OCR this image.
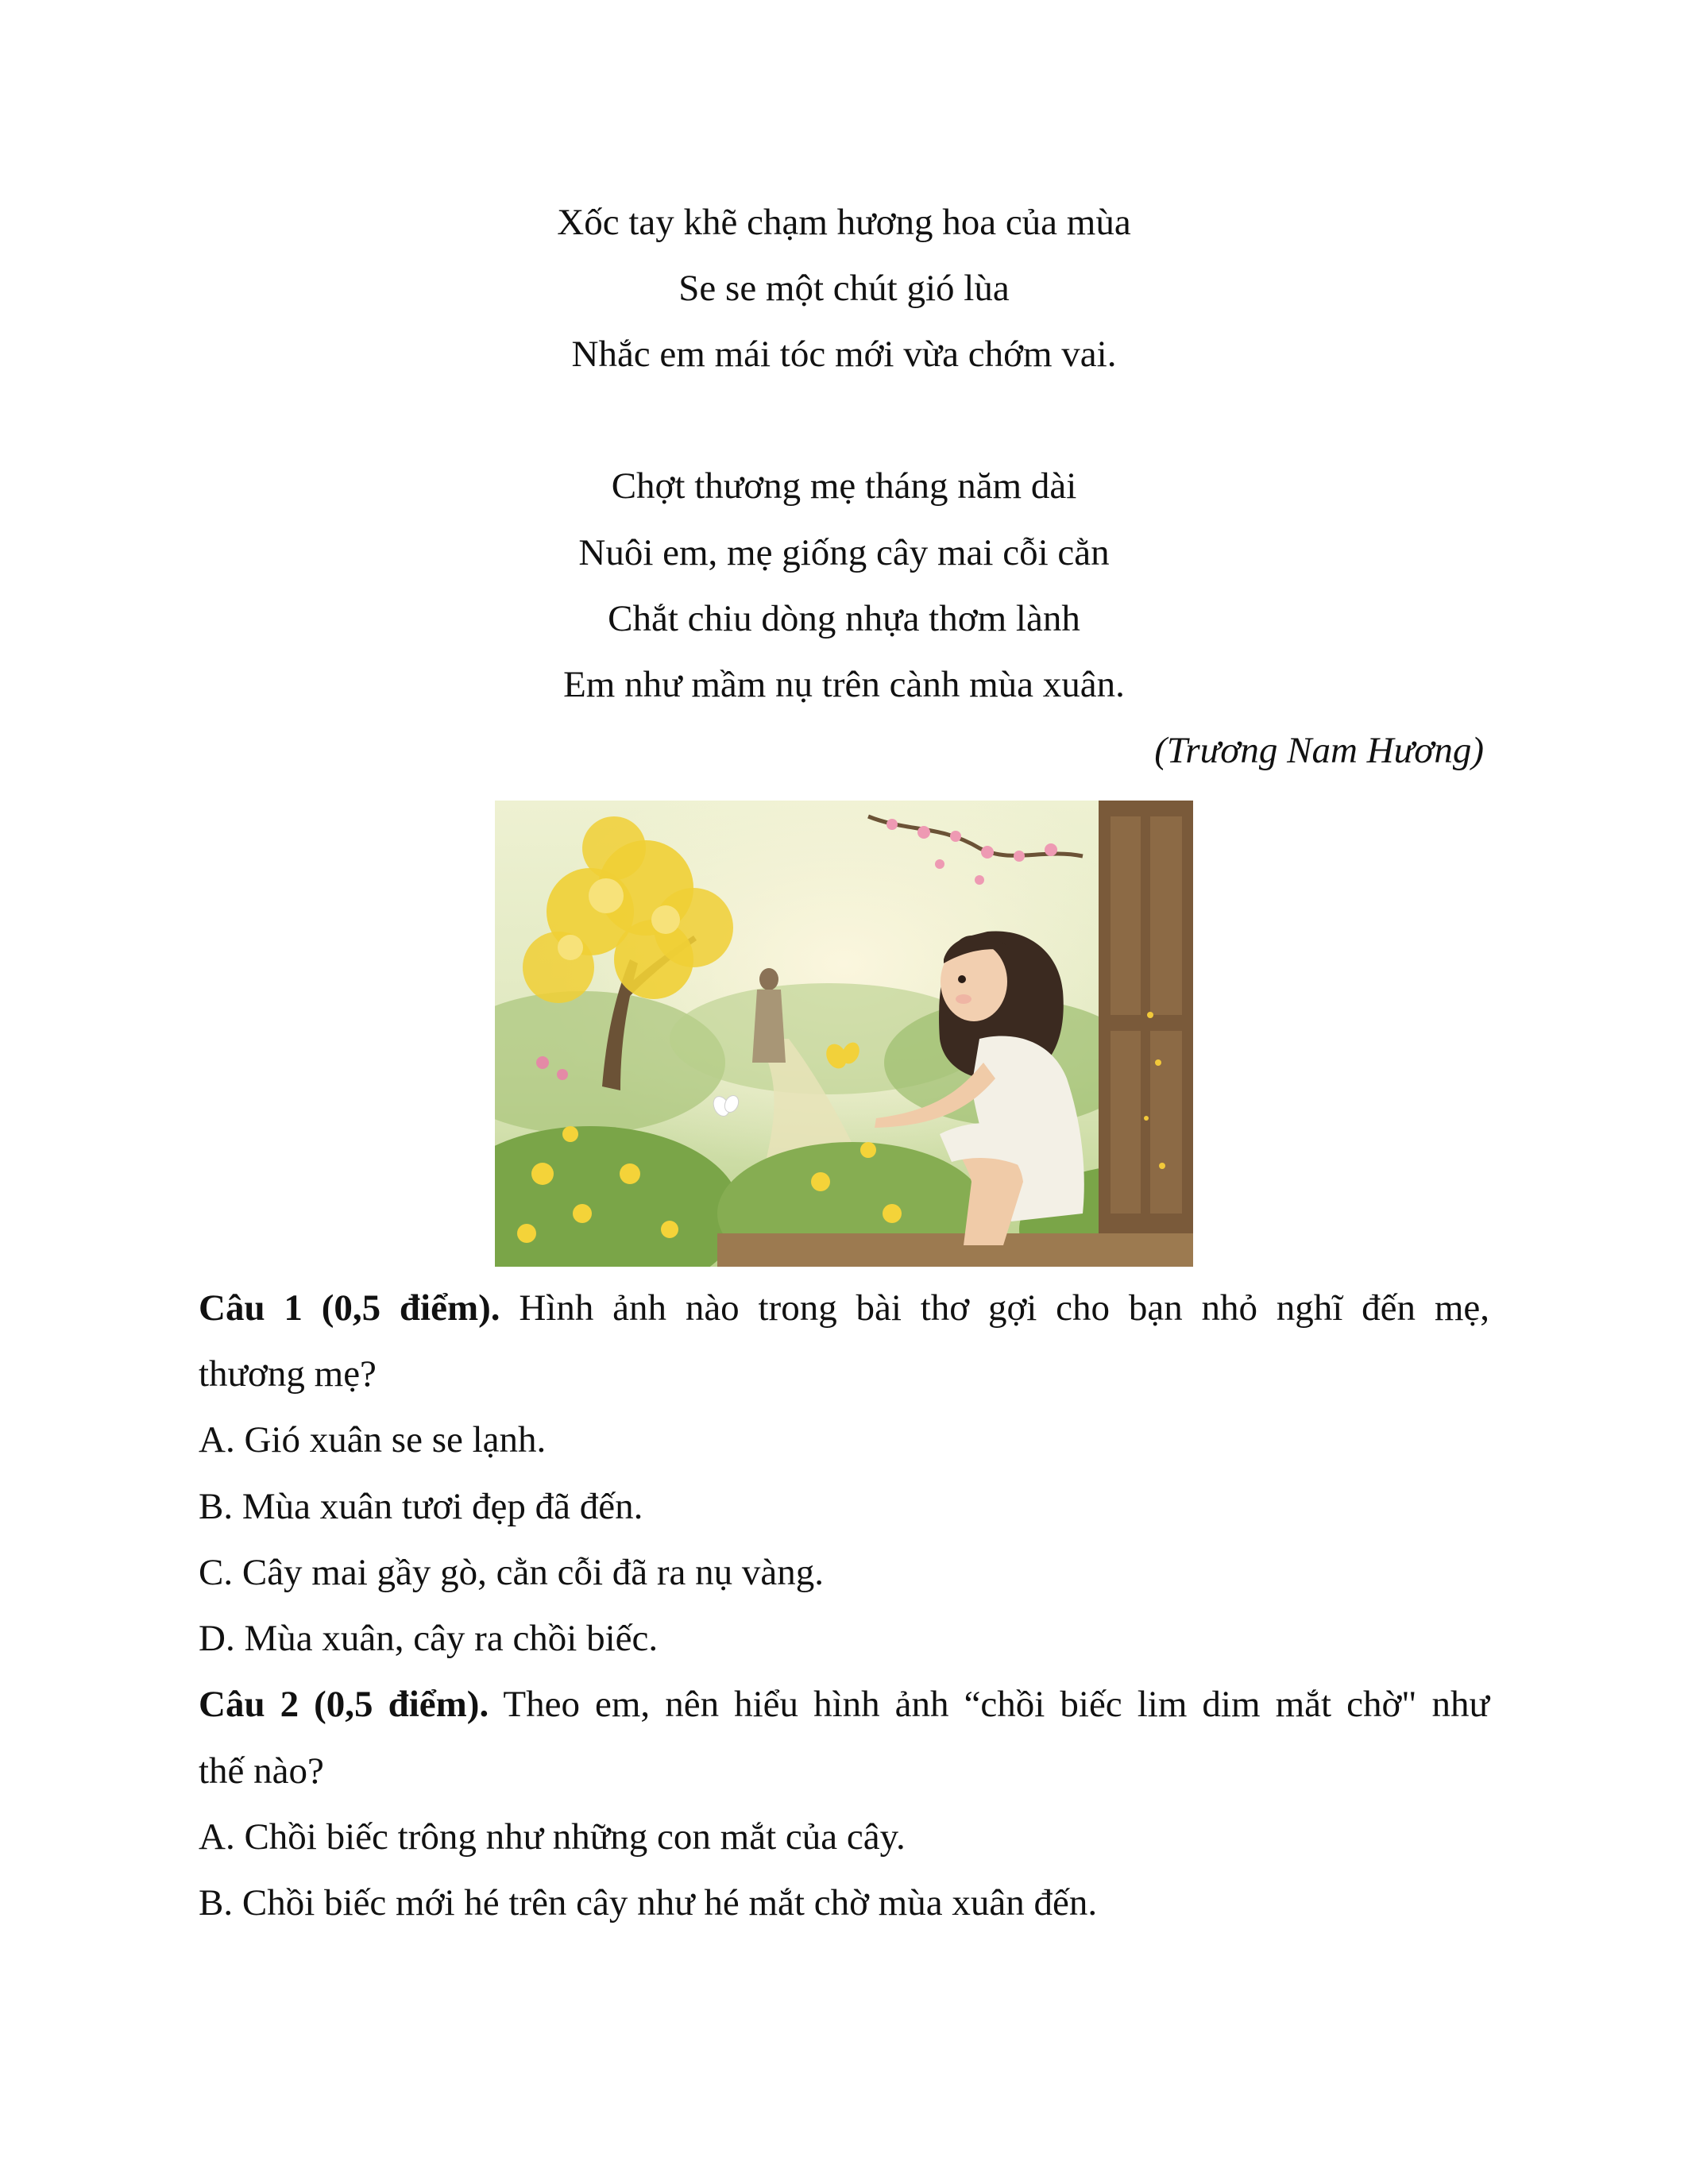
Xốc tay khẽ chạm hương hoa của mùa
Se se một chút gió lùa
Nhắc em mái tóc mới vừa chớm vai.
Chợt thương mẹ tháng năm dài
Nuôi em, mẹ giống cây mai cỗi cằn
Chắt chiu dòng nhựa thơm lành
Em như mầm nụ trên cành mùa xuân.
(Trương Nam Hương)
Câu 1 (0,5 điểm). Hình ảnh nào trong bài thơ gợi cho bạn nhỏ nghĩ đến mẹ,
thương mẹ?
A. Gió xuân se se lạnh.
B. Mùa xuân tươi đẹp đã đến.
C. Cây mai gầy gò, cằn cỗi đã ra nụ vàng.
D. Mùa xuân, cây ra chồi biếc.
Câu 2 (0,5 điểm). Theo em, nên hiểu hình ảnh “chồi biếc lim dim mắt chờ" như
thế nào?
A. Chồi biếc trông như những con mắt của cây.
B. Chồi biếc mới hé trên cây như hé mắt chờ mùa xuân đến.
